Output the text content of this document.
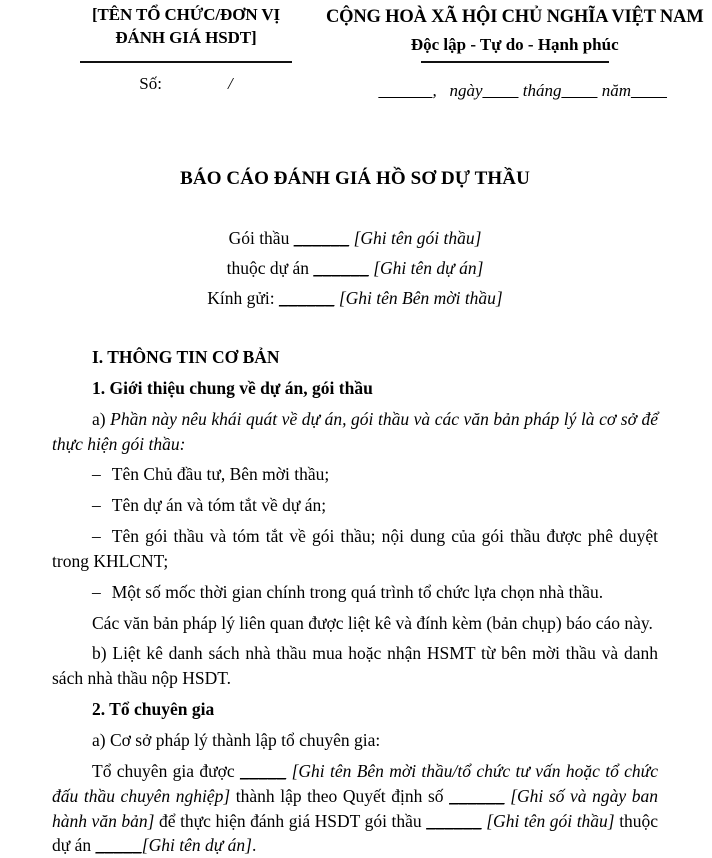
[TÊN TỔ CHỨC/ĐƠN VỊ
ĐÁNH GIÁ HSDT]
Số:	/
CỘNG HOÀ XÃ HỘI CHỦ NGHĨA VIỆT NAM
Độc lập - Tự do - Hạnh phúc
______, ngày____ tháng____ năm____
BÁO CÁO ĐÁNH GIÁ HỒ SƠ DỰ THẦU
Gói thầu ______ [Ghi tên gói thầu]
thuộc dự án ______ [Ghi tên dự án]
Kính gửi: ______ [Ghi tên Bên mời thầu]
I. THÔNG TIN CƠ BẢN
1. Giới thiệu chung về dự án, gói thầu

a) Phần này nêu khái quát về dự án, gói thầu và các văn bản pháp lý là cơ sở để thực hiện gói thầu:

– Tên Chủ đầu tư, Bên mời thầu;

– Tên dự án và tóm tắt về dự án;

– Tên gói thầu và tóm tắt về gói thầu; nội dung của gói thầu được phê duyệt trong KHLCNT;

– Một số mốc thời gian chính trong quá trình tổ chức lựa chọn nhà thầu.

Các văn bản pháp lý liên quan được liệt kê và đính kèm (bản chụp) báo cáo này.

b) Liệt kê danh sách nhà thầu mua hoặc nhận HSMT từ bên mời thầu và danh sách nhà thầu nộp HSDT.

2. Tổ chuyên gia

a) Cơ sở pháp lý thành lập tổ chuyên gia:

Tổ chuyên gia được _____ [Ghi tên Bên mời thầu/tổ chức tư vấn hoặc tổ chức đấu thầu chuyên nghiệp] thành lập theo Quyết định số ______ [Ghi số và ngày ban hành văn bản] để thực hiện đánh giá HSDT gói thầu ______ [Ghi tên gói thầu] thuộc dự án _____[Ghi tên dự án].
